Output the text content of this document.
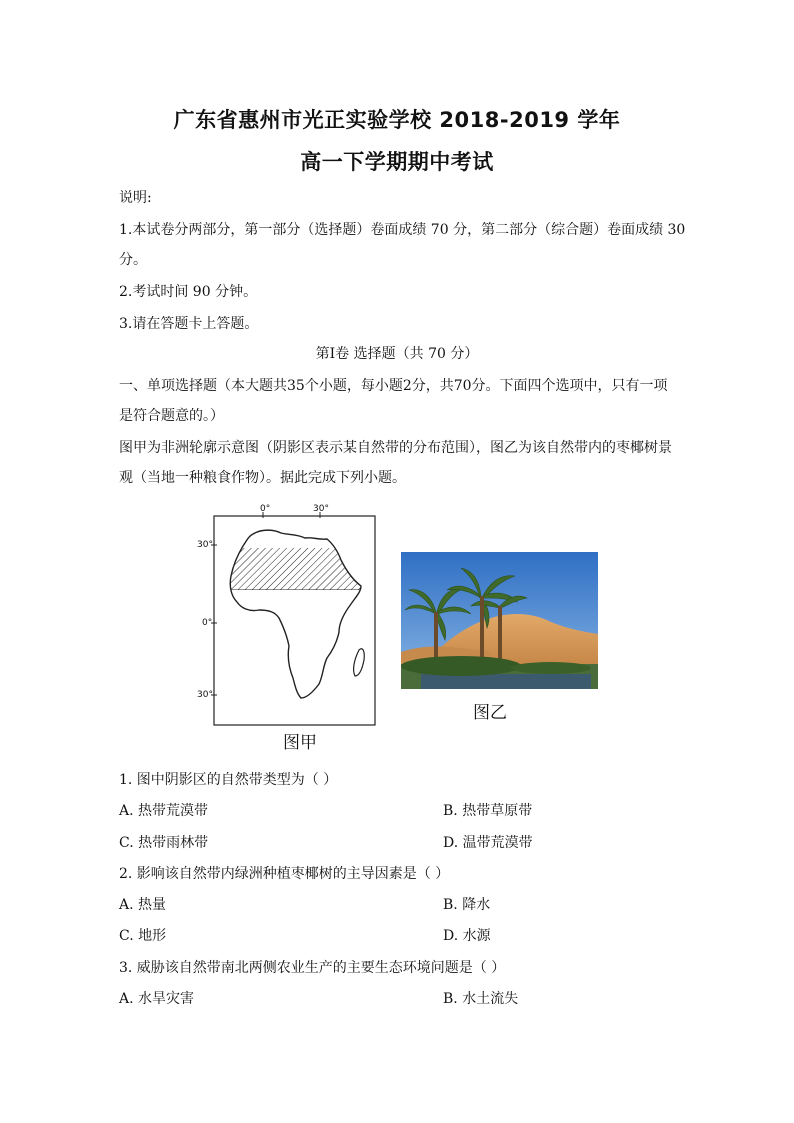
广东省惠州市光正实验学校 2018-2019 学年
高一下学期期中考试
说明:
1.本试卷分两部分，第一部分（选择题）卷面成绩 70 分，第二部分（综合题）卷面成绩 30
分。
2.考试时间 90 分钟。
3.请在答题卡上答题。
第Ⅰ卷 选择题（共 70 分）
一、单项选择题（本大题共35个小题，每小题2分，共70分。下面四个选项中，只有一项
是符合题意的。）
图甲为非洲轮廓示意图（阴影区表示某自然带的分布范围），图乙为该自然带内的枣椰树景
观（当地一种粮食作物）。据此完成下列小题。
0°	30°
30°
0°
30°
图甲
图乙
1. 图中阴影区的自然带类型为（ ）
A. 热带荒漠带	B. 热带草原带
C. 热带雨林带	D. 温带荒漠带
2. 影响该自然带内绿洲种植枣椰树的主导因素是（ ）
A. 热量	B. 降水
C. 地形	D. 水源
3. 威胁该自然带南北两侧农业生产的主要生态环境问题是（ ）
A. 水旱灾害	B. 水土流失
